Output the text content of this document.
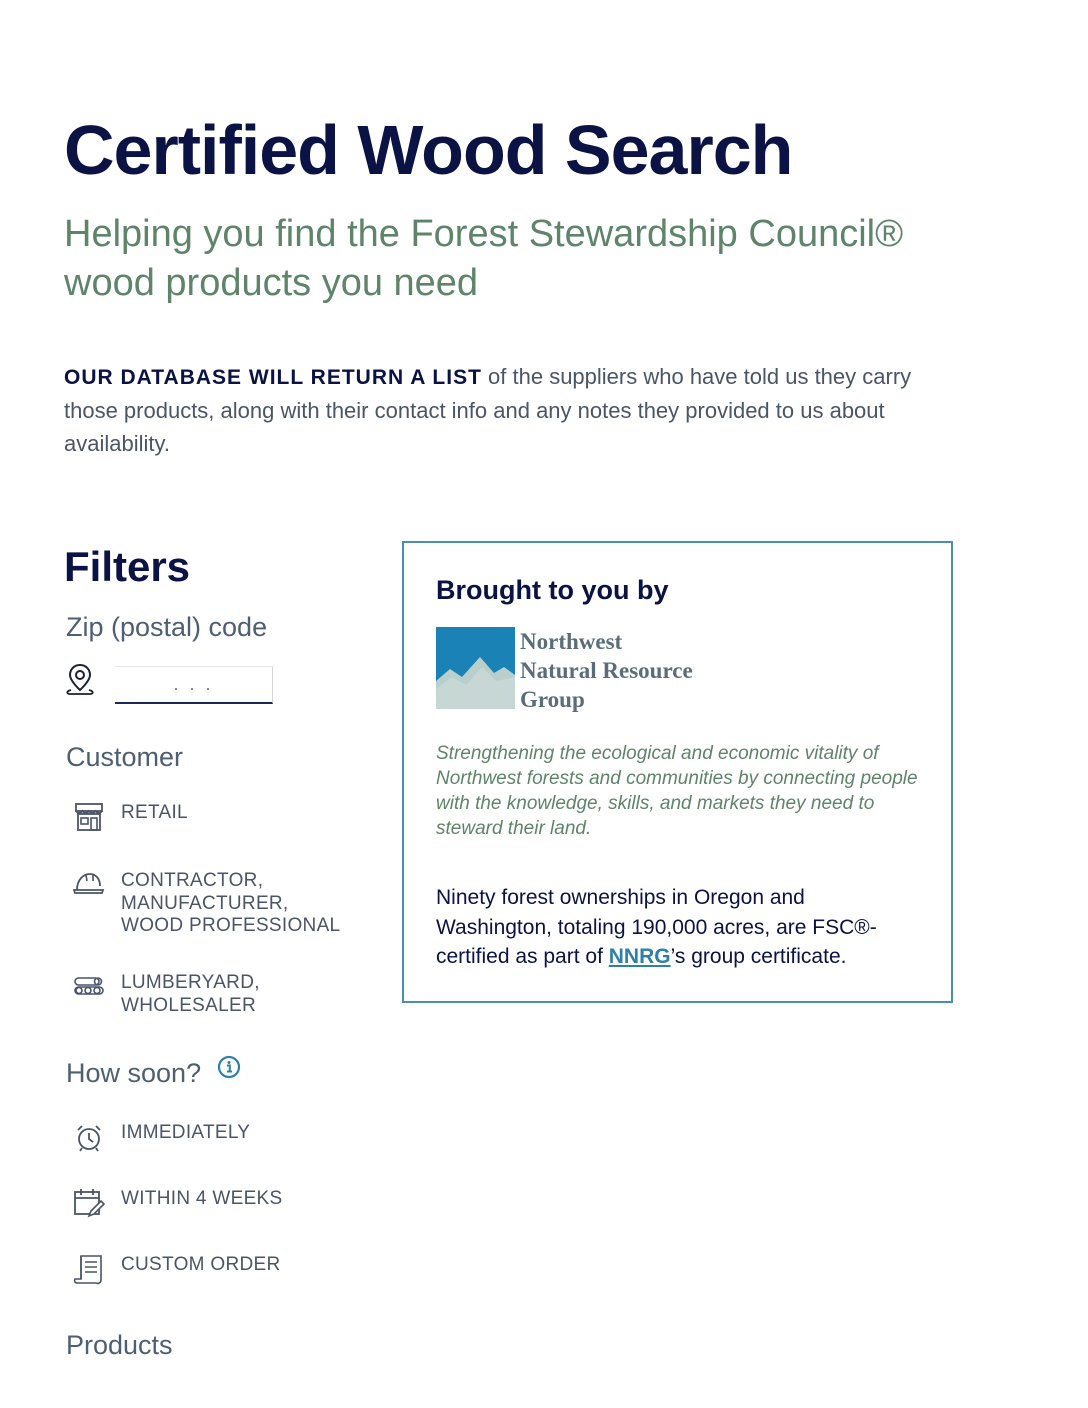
Certified Wood Search
Helping you find the Forest Stewardship Council® wood products you need

OUR DATABASE WILL RETURN A LIST of the suppliers who have told us they carry those products, along with their contact info and any notes they provided to us about availability.

Filters
Zip (postal) code
. . .
Customer
RETAIL
CONTRACTOR, MANUFACTURER, WOOD PROFESSIONAL
LUMBERYARD, WHOLESALER
How soon?
IMMEDIATELY
WITHIN 4 WEEKS
CUSTOM ORDER
Products
Brought to you by
Northwest
Natural Resource
Group

Strengthening the ecological and economic vitality of Northwest forests and communities by connecting people with the knowledge, skills, and markets they need to steward their land.

Ninety forest ownerships in Oregon and Washington, totaling 190,000 acres, are FSC®-certified as part of NNRG’s group certificate.
